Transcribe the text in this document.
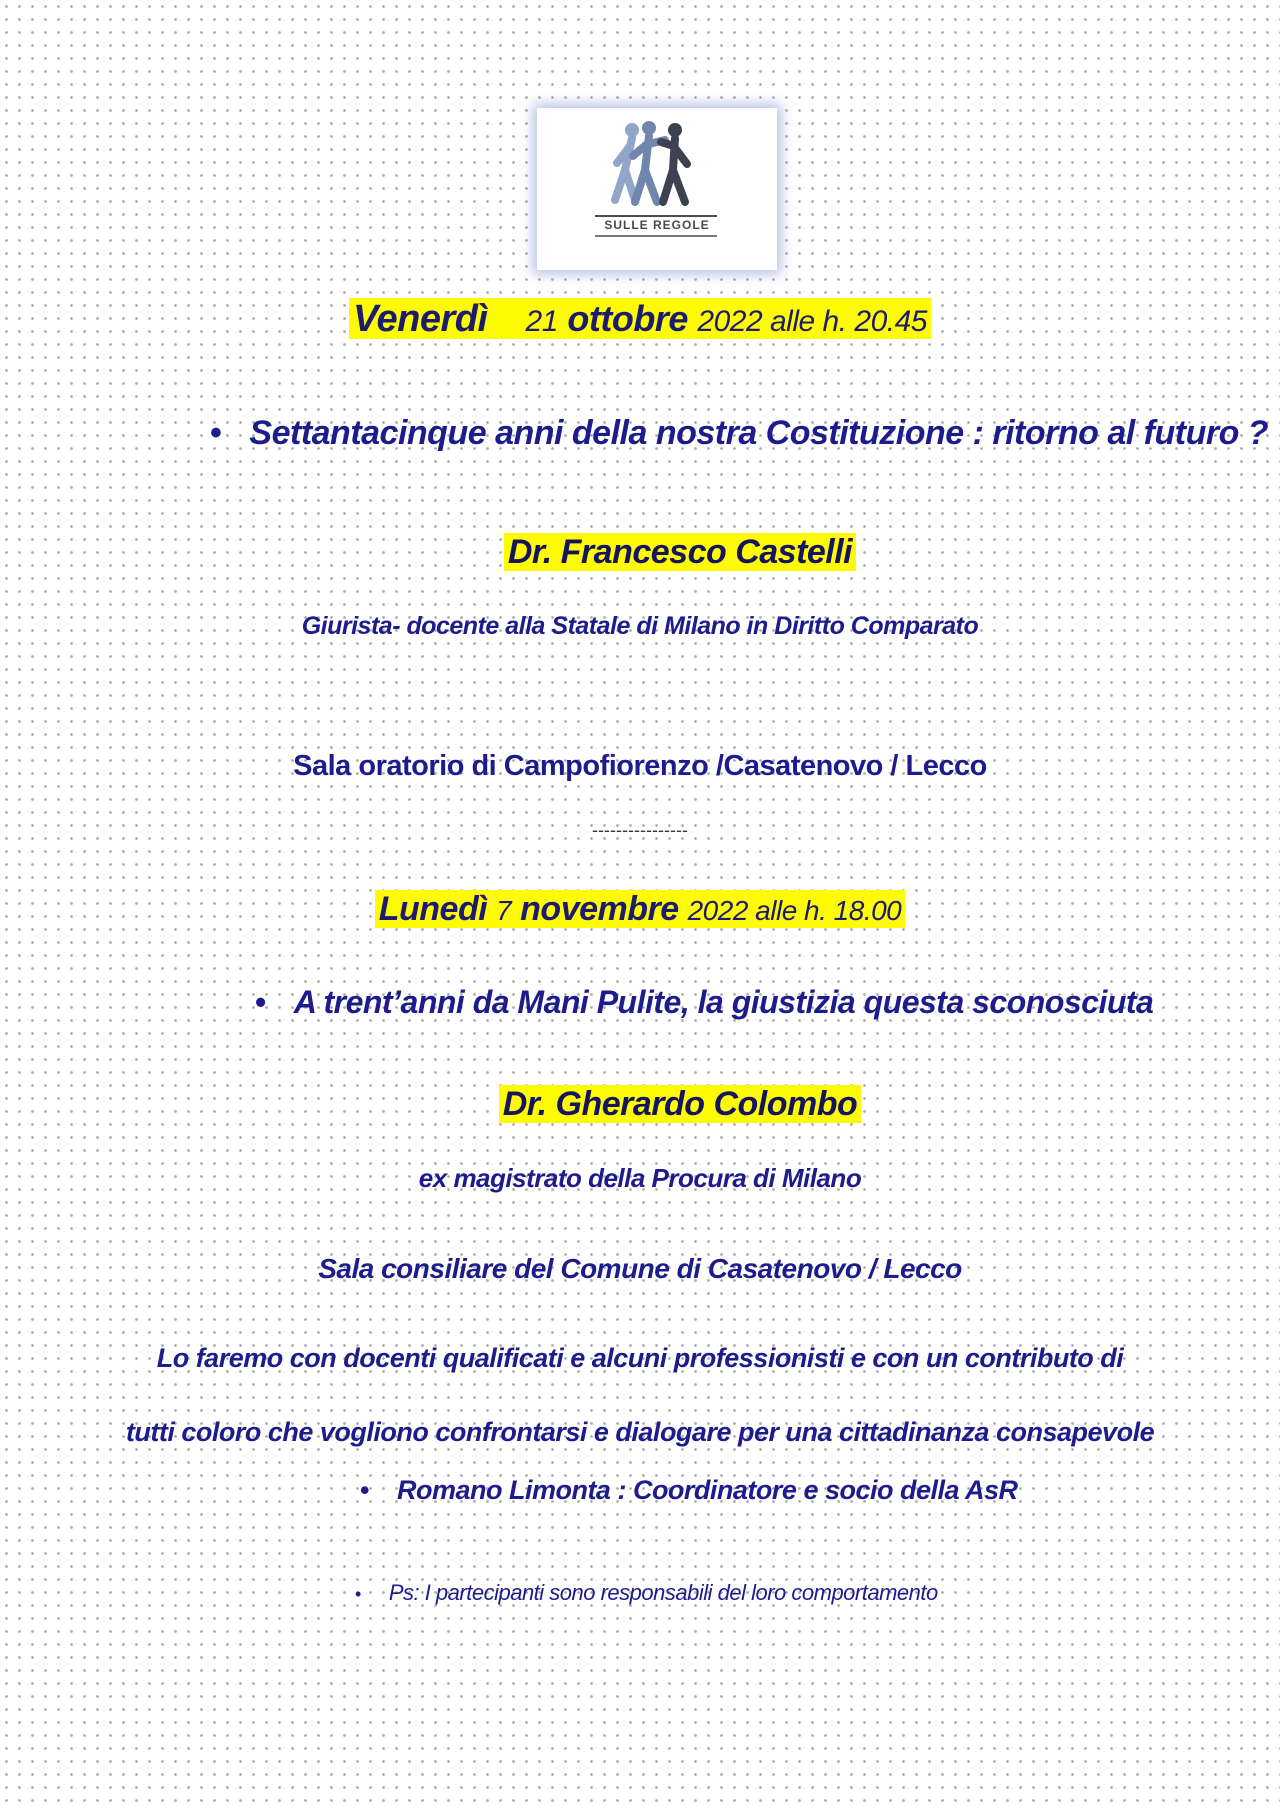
SULLE REGOLE
Venerdì 21 ottobre 2022 alle h. 20.45
• Settantacinque anni della nostra Costituzione : ritorno al futuro ?
Dr. Francesco Castelli
Giurista- docente alla Statale di Milano in Diritto Comparato
Sala oratorio di Campofiorenzo /Casatenovo / Lecco
----------------
Lunedì 7 novembre 2022 alle h. 18.00
• A trent’anni da Mani Pulite, la giustizia questa sconosciuta
Dr. Gherardo Colombo
ex magistrato della Procura di Milano
Sala consiliare del Comune di Casatenovo / Lecco
Lo faremo con docenti qualificati e alcuni professionisti e con un contributo di
tutti coloro che vogliono confrontarsi e dialogare per una cittadinanza consapevole
• Romano Limonta : Coordinatore e socio della AsR
• Ps: I partecipanti sono responsabili del loro comportamento
